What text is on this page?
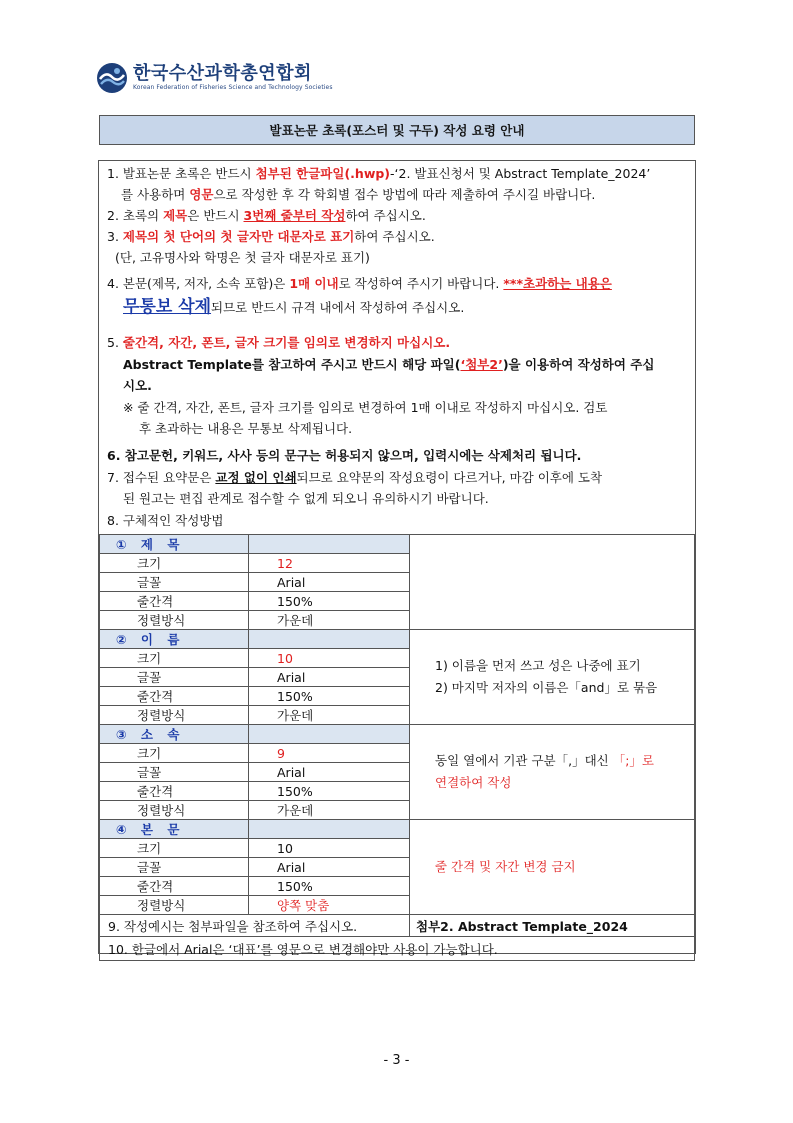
한국수산과학총연합회
Korean Federation of Fisheries Science and Technology Societies
발표논문 초록(포스터 및 구두) 작성 요령 안내
1. 발표논문 초록은 반드시 첨부된 한글파일(.hwp)-‘2. 발표신청서 및 Abstract Template_2024’
를 사용하며 영문으로 작성한 후 각 학회별 접수 방법에 따라 제출하여 주시길 바랍니다.
2. 초록의 제목은 반드시 3번째 줄부터 작성하여 주십시오.
3. 제목의 첫 단어의 첫 글자만 대문자로 표기하여 주십시오.
(단, 고유명사와 학명은 첫 글자 대문자로 표기)
4. 본문(제목, 저자, 소속 포함)은 1매 이내로 작성하여 주시기 바랍니다. ***초과하는 내용은
무통보 삭제되므로 반드시 규격 내에서 작성하여 주십시오.
5. 줄간격, 자간, 폰트, 글자 크기를 임의로 변경하지 마십시오.
Abstract Template를 참고하여 주시고 반드시 해당 파일(‘첨부2’)을 이용하여 작성하여 주십
시오.
※ 줄 간격, 자간, 폰트, 글자 크기를 임의로 변경하여 1매 이내로 작성하지 마십시오. 검토
후 초과하는 내용은 무통보 삭제됩니다.
6. 참고문헌, 키워드, 사사 등의 문구는 허용되지 않으며, 입력시에는 삭제처리 됩니다.
7. 접수된 요약문은 교정 없이 인쇄되므로 요약문의 작성요령이 다르거나, 마감 이후에 도착
된 원고는 편집 관계로 접수할 수 없게 되오니 유의하시기 바랍니다.
8. 구체적인 작성방법
① 제 목		
크기	12	
글꼴	Arial	
줄간격	150%	
정렬방식	가운데	
② 이 름		1) 이름을 먼저 쓰고 성은 나중에 표기
2) 마지막 저자의 이름은「and」로 묶음

크기	10	
글꼴	Arial	
줄간격	150%	
정렬방식	가운데	
③ 소 속		동일 열에서 기관 구분「,」대신 「;」로
연결하여 작성

크기	9	
글꼴	Arial	
줄간격	150%	
정렬방식	가운데	
④ 본 문		줄 간격 및 자간 변경 금지
크기	10	
글꼴	Arial	
줄간격	150%	
정렬방식	양쪽 맞춤	
9. 작성예시는 첨부파일을 참조하여 주십시오.		첨부2. Abstract Template_2024
10. 한글에서 Arial은 ‘대표’를 영문으로 변경해야만 사용이 가능합니다.		
- 3 -
